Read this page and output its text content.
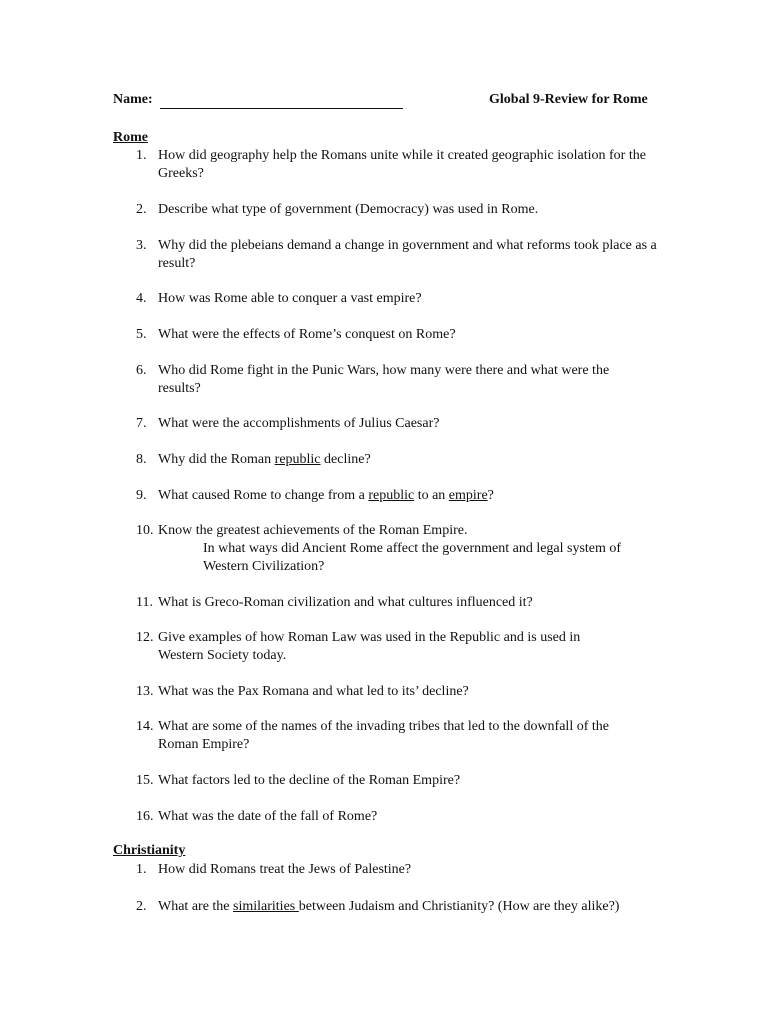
Name:	Global 9-Review for Rome
Rome
1. How did geography help the Romans unite while it created geographic isolation for the
Greeks?
2. Describe what type of government (Democracy) was used in Rome.
3. Why did the plebeians demand a change in government and what reforms took place as a
result?
4. How was Rome able to conquer a vast empire?
5. What were the effects of Rome’s conquest on Rome?
6. Who did Rome fight in the Punic Wars, how many were there and what were the
results?
7. What were the accomplishments of Julius Caesar?
8. Why did the Roman republic decline?
9. What caused Rome to change from a republic to an empire?
10. Know the greatest achievements of the Roman Empire.
In what ways did Ancient Rome affect the government and legal system of
Western Civilization?
11. What is Greco-Roman civilization and what cultures influenced it?
12. Give examples of how Roman Law was used in the Republic and is used in
Western Society today.
13. What was the Pax Romana and what led to its’ decline?
14. What are some of the names of the invading tribes that led to the downfall of the
Roman Empire?
15. What factors led to the decline of the Roman Empire?
16. What was the date of the fall of Rome?
Christianity
1. How did Romans treat the Jews of Palestine?
2. What are the similarities between Judaism and Christianity? (How are they alike?)
